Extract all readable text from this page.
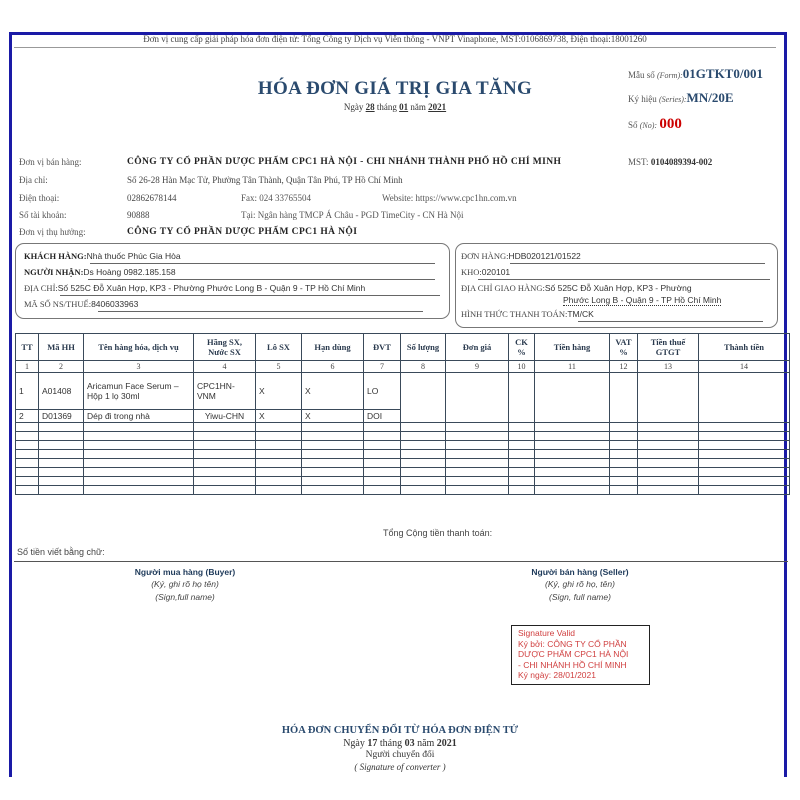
Đơn vị cung cấp giải pháp hóa đơn điện tử: Tổng Công ty Dịch vụ Viễn thông - VNPT Vinaphone, MST:0106869738, Điện thoại:18001260
HÓA ĐƠN GIÁ TRỊ GIA TĂNG
Ngày 28 tháng 01 năm 2021
Mẫu số (Form):01GTKT0/001
Ký hiệu (Series):MN/20E
Số (No): 000
Đơn vị bán hàng:	CÔNG TY CỔ PHẦN DƯỢC PHẨM CPC1 HÀ NỘI - CHI NHÁNH THÀNH PHỐ HỒ CHÍ MINH	MST: 0104089394-002
Địa chỉ:	Số 26-28 Hàn Mạc Tử, Phường Tân Thành, Quận Tân Phú, TP Hồ Chí Minh
Điện thoại:	02862678144	Fax: 024 33765504	Website: https://www.cpc1hn.com.vn
Số tài khoản:	90888	Tại: Ngân hàng TMCP Á Châu - PGD TimeCity - CN Hà Nội
Đơn vị thụ hưởng:	CÔNG TY CỔ PHẦN DƯỢC PHẨM CPC1 HÀ NỘI
KHÁCH HÀNG:Nhà thuốc Phúc Gia Hòa
NGƯỜI NHẬN:Ds Hoàng 0982.185.158
ĐỊA CHỈ:Số 525C Đỗ Xuân Hợp, KP3 - Phường Phước Long B - Quận 9 - TP Hồ Chí Minh
MÃ SỐ NS/THUẾ:8406033963
ĐƠN HÀNG:HDB020121/01522
KHO:020101
ĐỊA CHỈ GIAO HÀNG:Số 525C Đỗ Xuân Hợp, KP3 - Phường
Phước Long B - Quận 9 - TP Hồ Chí Minh
HÌNH THỨC THANH TOÁN:TM/CK
TT	Mã HH	Tên hàng hóa, dịch vụ	Hãng SX, Nước SX	Lô SX	Hạn dùng	ĐVT	Số lượng	Đơn giá	CK %	Tiền hàng	VAT %	Tiền thuế GTGT	Thành tiền
1	2	3	4	5	6	7	8	9	10	11	12	13	14
1	A01408	Aricamun Face Serum – Hộp 1 lọ 30ml	CPC1HN-VNM	X	X	LO							
2	D01369	Dép đi trong nhà	Yiwu-CHN	X	X	DOI							

Tổng Cộng tiền thanh toán:
Số tiền viết bằng chữ:
Người mua hàng (Buyer)
(Ký, ghi rõ họ tên)
(Sign,full name)
Người bán hàng (Seller)
(Ký, ghi rõ họ, tên)
(Sign, full name)
Signature Valid
Ký bởi: CÔNG TY CỔ PHẦN
DƯỢC PHẨM CPC1 HÀ NỘI
- CHI NHÁNH HỒ CHÍ MINH
Ký ngày: 28/01/2021
HÓA ĐƠN CHUYỂN ĐỔI TỪ HÓA ĐƠN ĐIỆN TỬ
Ngày 17 tháng 03 năm 2021
Người chuyển đổi
( Signature of converter )
